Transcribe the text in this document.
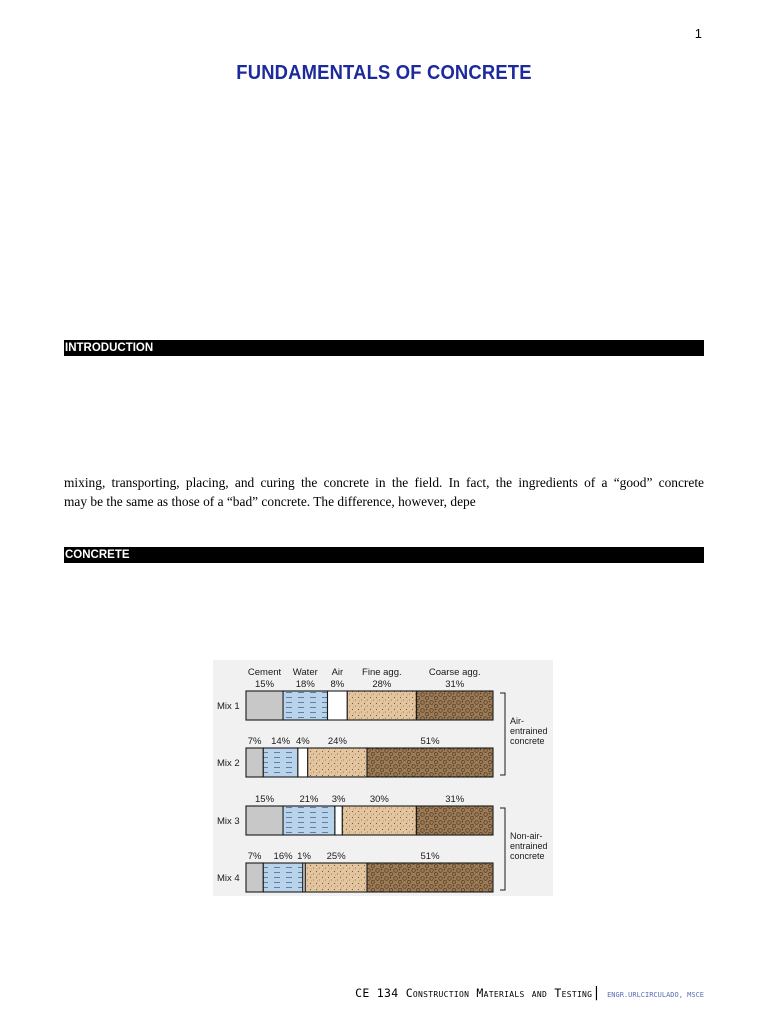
1
FUNDAMENTALS OF CONCRETE
INTRODUCTION
mixing, transporting, placing, and curing the concrete in the field. In fact, the ingredients of a “good” concrete
may be the same as those of a “bad” concrete. The difference, however, depe
CONCRETE
Cement Water Air Fine agg.	Coarse agg.
Mix 1
15% 18% 8%	28%	31%
Mix 2
7% 14% 4% 24%	51%
Mix 3
15%	21% 3%	30%	31%
Mix 4
7% 16% 1% 25%	51%
Air-
entrained
concrete
Non-air-
entrained
concrete
CE 134 Construction Materials and Testing| ENGR.URLCIRCULADO, MSCE
